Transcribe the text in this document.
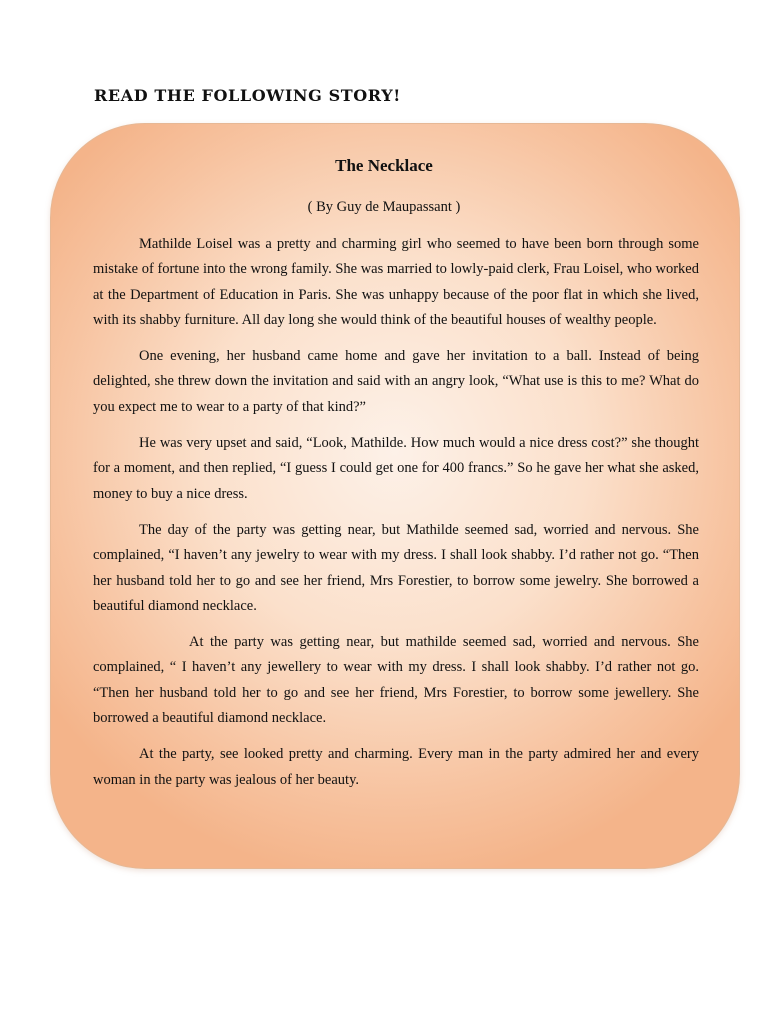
READ THE FOLLOWING STORY!
The Necklace

( By Guy de Maupassant )

Mathilde Loisel was a pretty and charming girl who seemed to have been born through some mistake of fortune into the wrong family. She was married to lowly-paid clerk, Frau Loisel, who worked at the Department of Education in Paris. She was unhappy because of the poor flat in which she lived, with its shabby furniture. All day long she would think of the beautiful houses of wealthy people.

One evening, her husband came home and gave her invitation to a ball. Instead of being delighted, she threw down the invitation and said with an angry look, “What use is this to me? What do you expect me to wear to a party of that kind?”

He was very upset and said, “Look, Mathilde. How much would a nice dress cost?” she thought for a moment, and then replied, “I guess I could get one for 400 francs.” So he gave her what she asked, money to buy a nice dress.

The day of the party was getting near, but Mathilde seemed sad, worried and nervous. She complained, “I haven’t any jewelry to wear with my dress. I shall look shabby. I’d rather not go. “Then her husband told her to go and see her friend, Mrs Forestier, to borrow some jewelry. She borrowed a beautiful diamond necklace.

At the party was getting near, but mathilde seemed sad, worried and nervous. She complained, “ I haven’t any jewellery to wear with my dress. I shall look shabby. I’d rather not go. “Then her husband told her to go and see her friend, Mrs Forestier, to borrow some jewellery. She borrowed a beautiful diamond necklace.

At the party, see looked pretty and charming. Every man in the party admired her and every woman in the party was jealous of her beauty.
